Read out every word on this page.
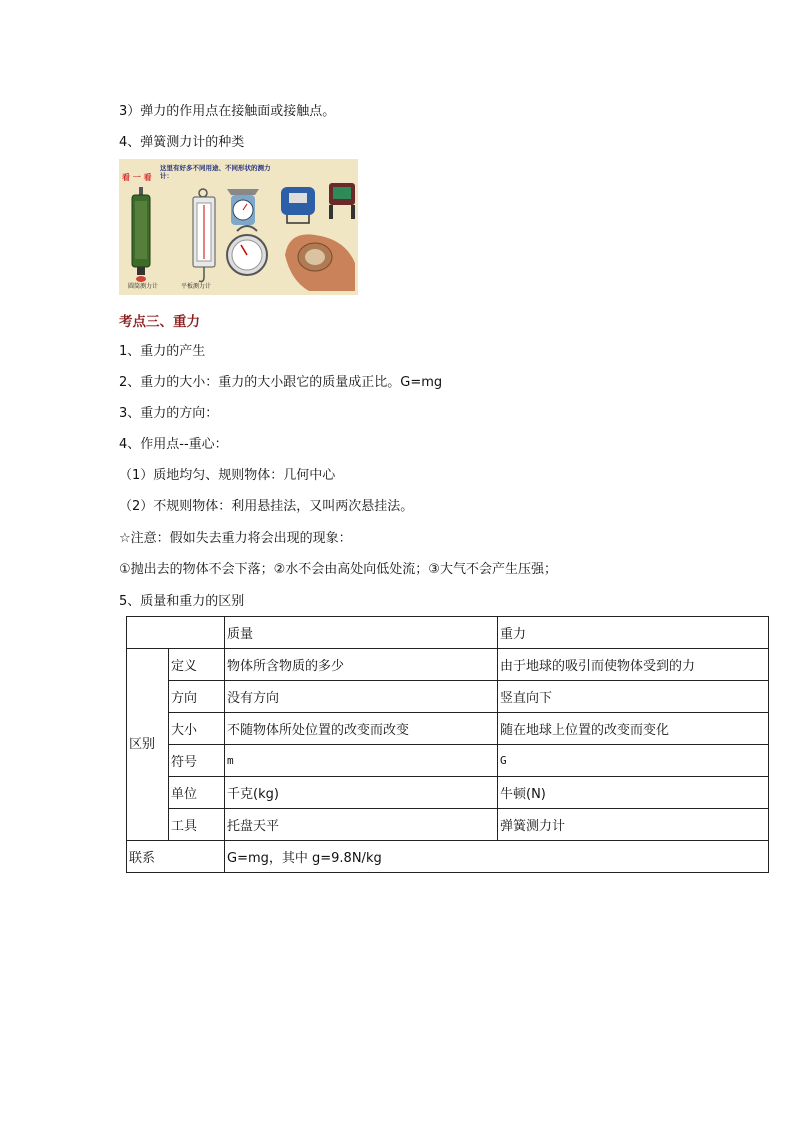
3）弹力的作用点在接触面或接触点。
4、弹簧测力计的种类
看 一 看
这里有好多不同用途、不同形状的测力计：
圆筒测力计	平板测力计
考点三、重力
1、重力的产生
2、重力的大小：重力的大小跟它的质量成正比。G=mg
3、重力的方向：
4、作用点--重心：
（1）质地均匀、规则物体：几何中心
（2）不规则物体：利用悬挂法，又叫两次悬挂法。
☆注意：假如失去重力将会出现的现象：
①抛出去的物体不会下落；②水不会由高处向低处流；③大气不会产生压强；
5、质量和重力的区别
		质量	重力
区别	定义	物体所含物质的多少	由于地球的吸引而使物体受到的力
	方向	没有方向	竖直向下
	大小	不随物体所处位置的改变而改变	随在地球上位置的改变而变化
	符号	m	G
	单位	千克(kg)	牛顿(N)
	工具	托盘天平	弹簧测力计
联系		G=mg，其中 g=9.8N/kg	
